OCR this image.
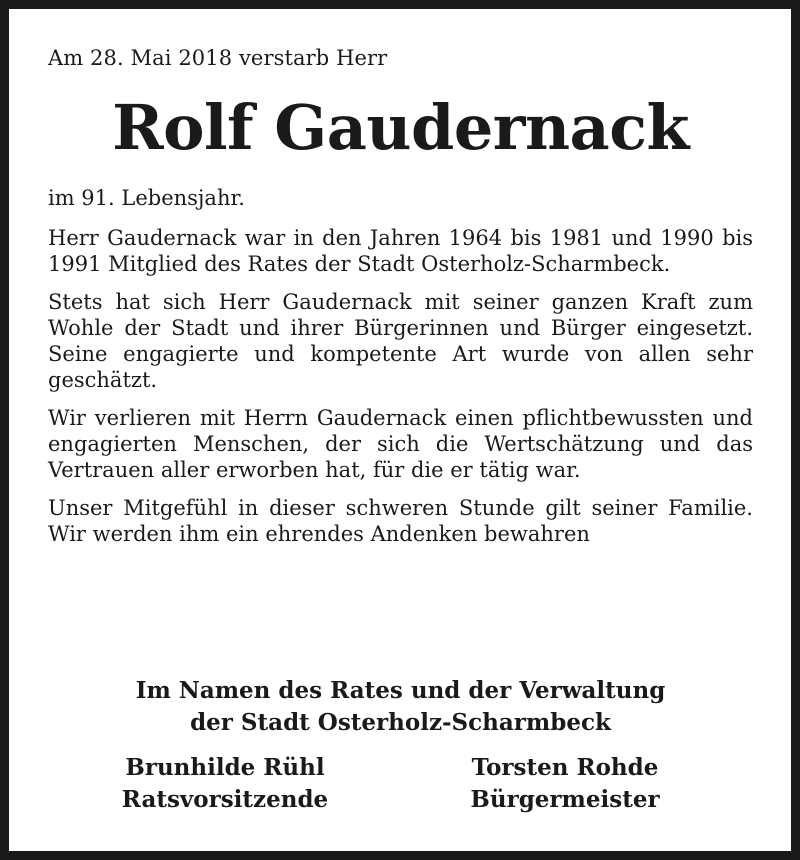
Am 28. Mai 2018 verstarb Herr

Rolf Gaudernack

im 91. Lebensjahr.

Herr Gaudernack war in den Jahren 1964 bis 1981 und 1990 bis 1991 Mitglied des Rates der Stadt Osterholz-Scharmbeck.

Stets hat sich Herr Gaudernack mit seiner ganzen Kraft zum Wohle der Stadt und ihrer Bürgerinnen und Bürger eingesetzt. Seine engagierte und kompetente Art wurde von allen sehr geschätzt.

Wir verlieren mit Herrn Gaudernack einen pflichtbewussten und engagierten Menschen, der sich die Wertschätzung und das Vertrauen aller erworben hat, für die er tätig war.

Unser Mitgefühl in dieser schweren Stunde gilt seiner Familie. Wir werden ihm ein ehrendes Andenken bewahren

Im Namen des Rates und der Verwaltung

der Stadt Osterholz-Scharmbeck

Brunhilde Rühl
Ratsvorsitzende
Torsten Rohde
Bürgermeister
